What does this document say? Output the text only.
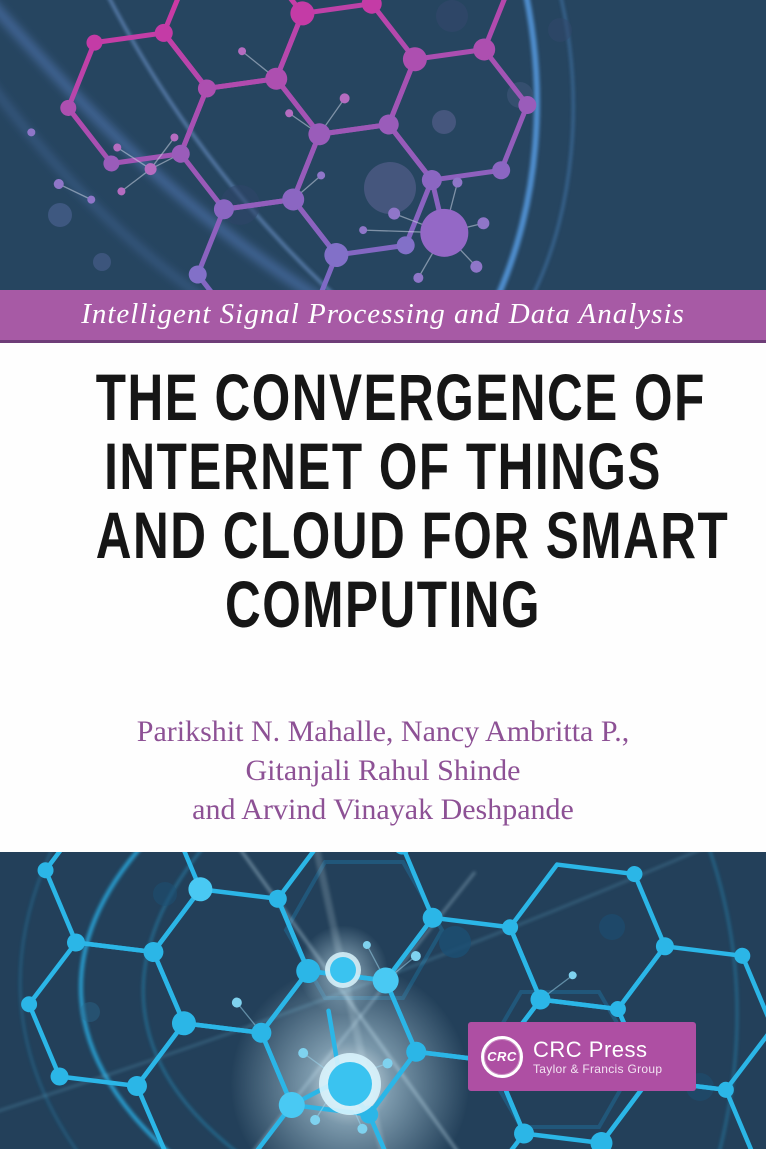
Intelligent Signal Processing and Data Analysis
THE CONVERGENCE OF
INTERNET OF THINGS
AND CLOUD FOR SMART
COMPUTING
Parikshit N. Mahalle, Nancy Ambritta P.,
Gitanjali Rahul Shinde
and Arvind Vinayak Deshpande
CRC CRC Press
Taylor & Francis Group
